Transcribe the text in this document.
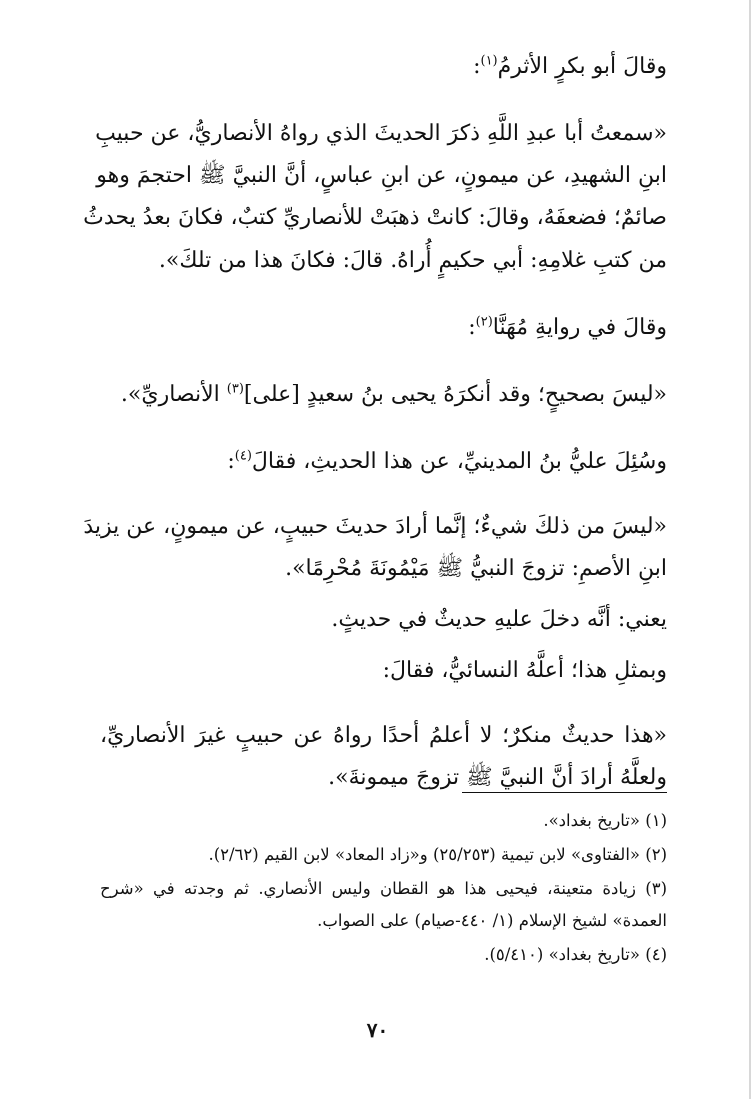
وقالَ أبو بكرٍ الأثرمُ$^{(١)}$:
«سمعتُ أبا عبدِ اللَّهِ ذكرَ الحديثَ الذي رواهُ الأنصاريُّ، عن حبيبِ
ابنِ الشهيدِ، عن ميمونٍ، عن ابنِ عباسٍ، أنَّ النبيَّ ﷺ احتجمَ وهو
صائمٌ؛ فضعفَهُ، وقالَ: كانتْ ذهبَتْ للأنصاريِّ كتبٌ، فكانَ بعدُ يحدثُ
من كتبِ غلامِهِ: أبي حكيمٍ أُراهُ. قالَ: فكانَ هذا من تلكَ».
وقالَ في روايةِ مُهَنَّا$^{(٢)}$:
«ليسَ بصحيحٍ؛ وقد أنكرَهُ يحيى بنُ سعيدٍ [على]$^{(٣)}$ الأنصاريِّ».
وسُئِلَ عليُّ بنُ المدينيِّ، عن هذا الحديثِ، فقالَ$^{(٤)}$:
«ليسَ من ذلكَ شيءٌ؛ إنَّما أرادَ حديثَ حبيبٍ، عن ميمونٍ، عن يزيدَ
ابنِ الأصمِ: تزوجَ النبيُّ ﷺ مَيْمُونَةَ مُحْرِمًا».
يعني: أنَّه دخلَ عليهِ حديثٌ في حديثٍ.
وبمثلِ هذا؛ أعلَّهُ النسائيُّ، فقالَ:
«هذا حديثٌ منكرٌ؛ لا أعلمُ أحدًا رواهُ عن حبيبٍ غيرَ الأنصاريِّ،
ولعلَّهُ أرادَ أنَّ النبيَّ ﷺ تزوجَ ميمونةَ».
(١) «تاريخ بغداد».
(٢) «الفتاوى» لابن تيمية (٢٥/٢٥٣) و«زاد المعاد» لابن القيم (٢/٦٢).
(٣) زيادة متعينة، فيحيى هذا هو القطان وليس الأنصاري. ثم وجدته في «شرح
العمدة» لشيخ الإسلام (١/ ٤٤٠-صيام) على الصواب.
(٤) «تاريخ بغداد» (٥/٤١٠).
٧٠
